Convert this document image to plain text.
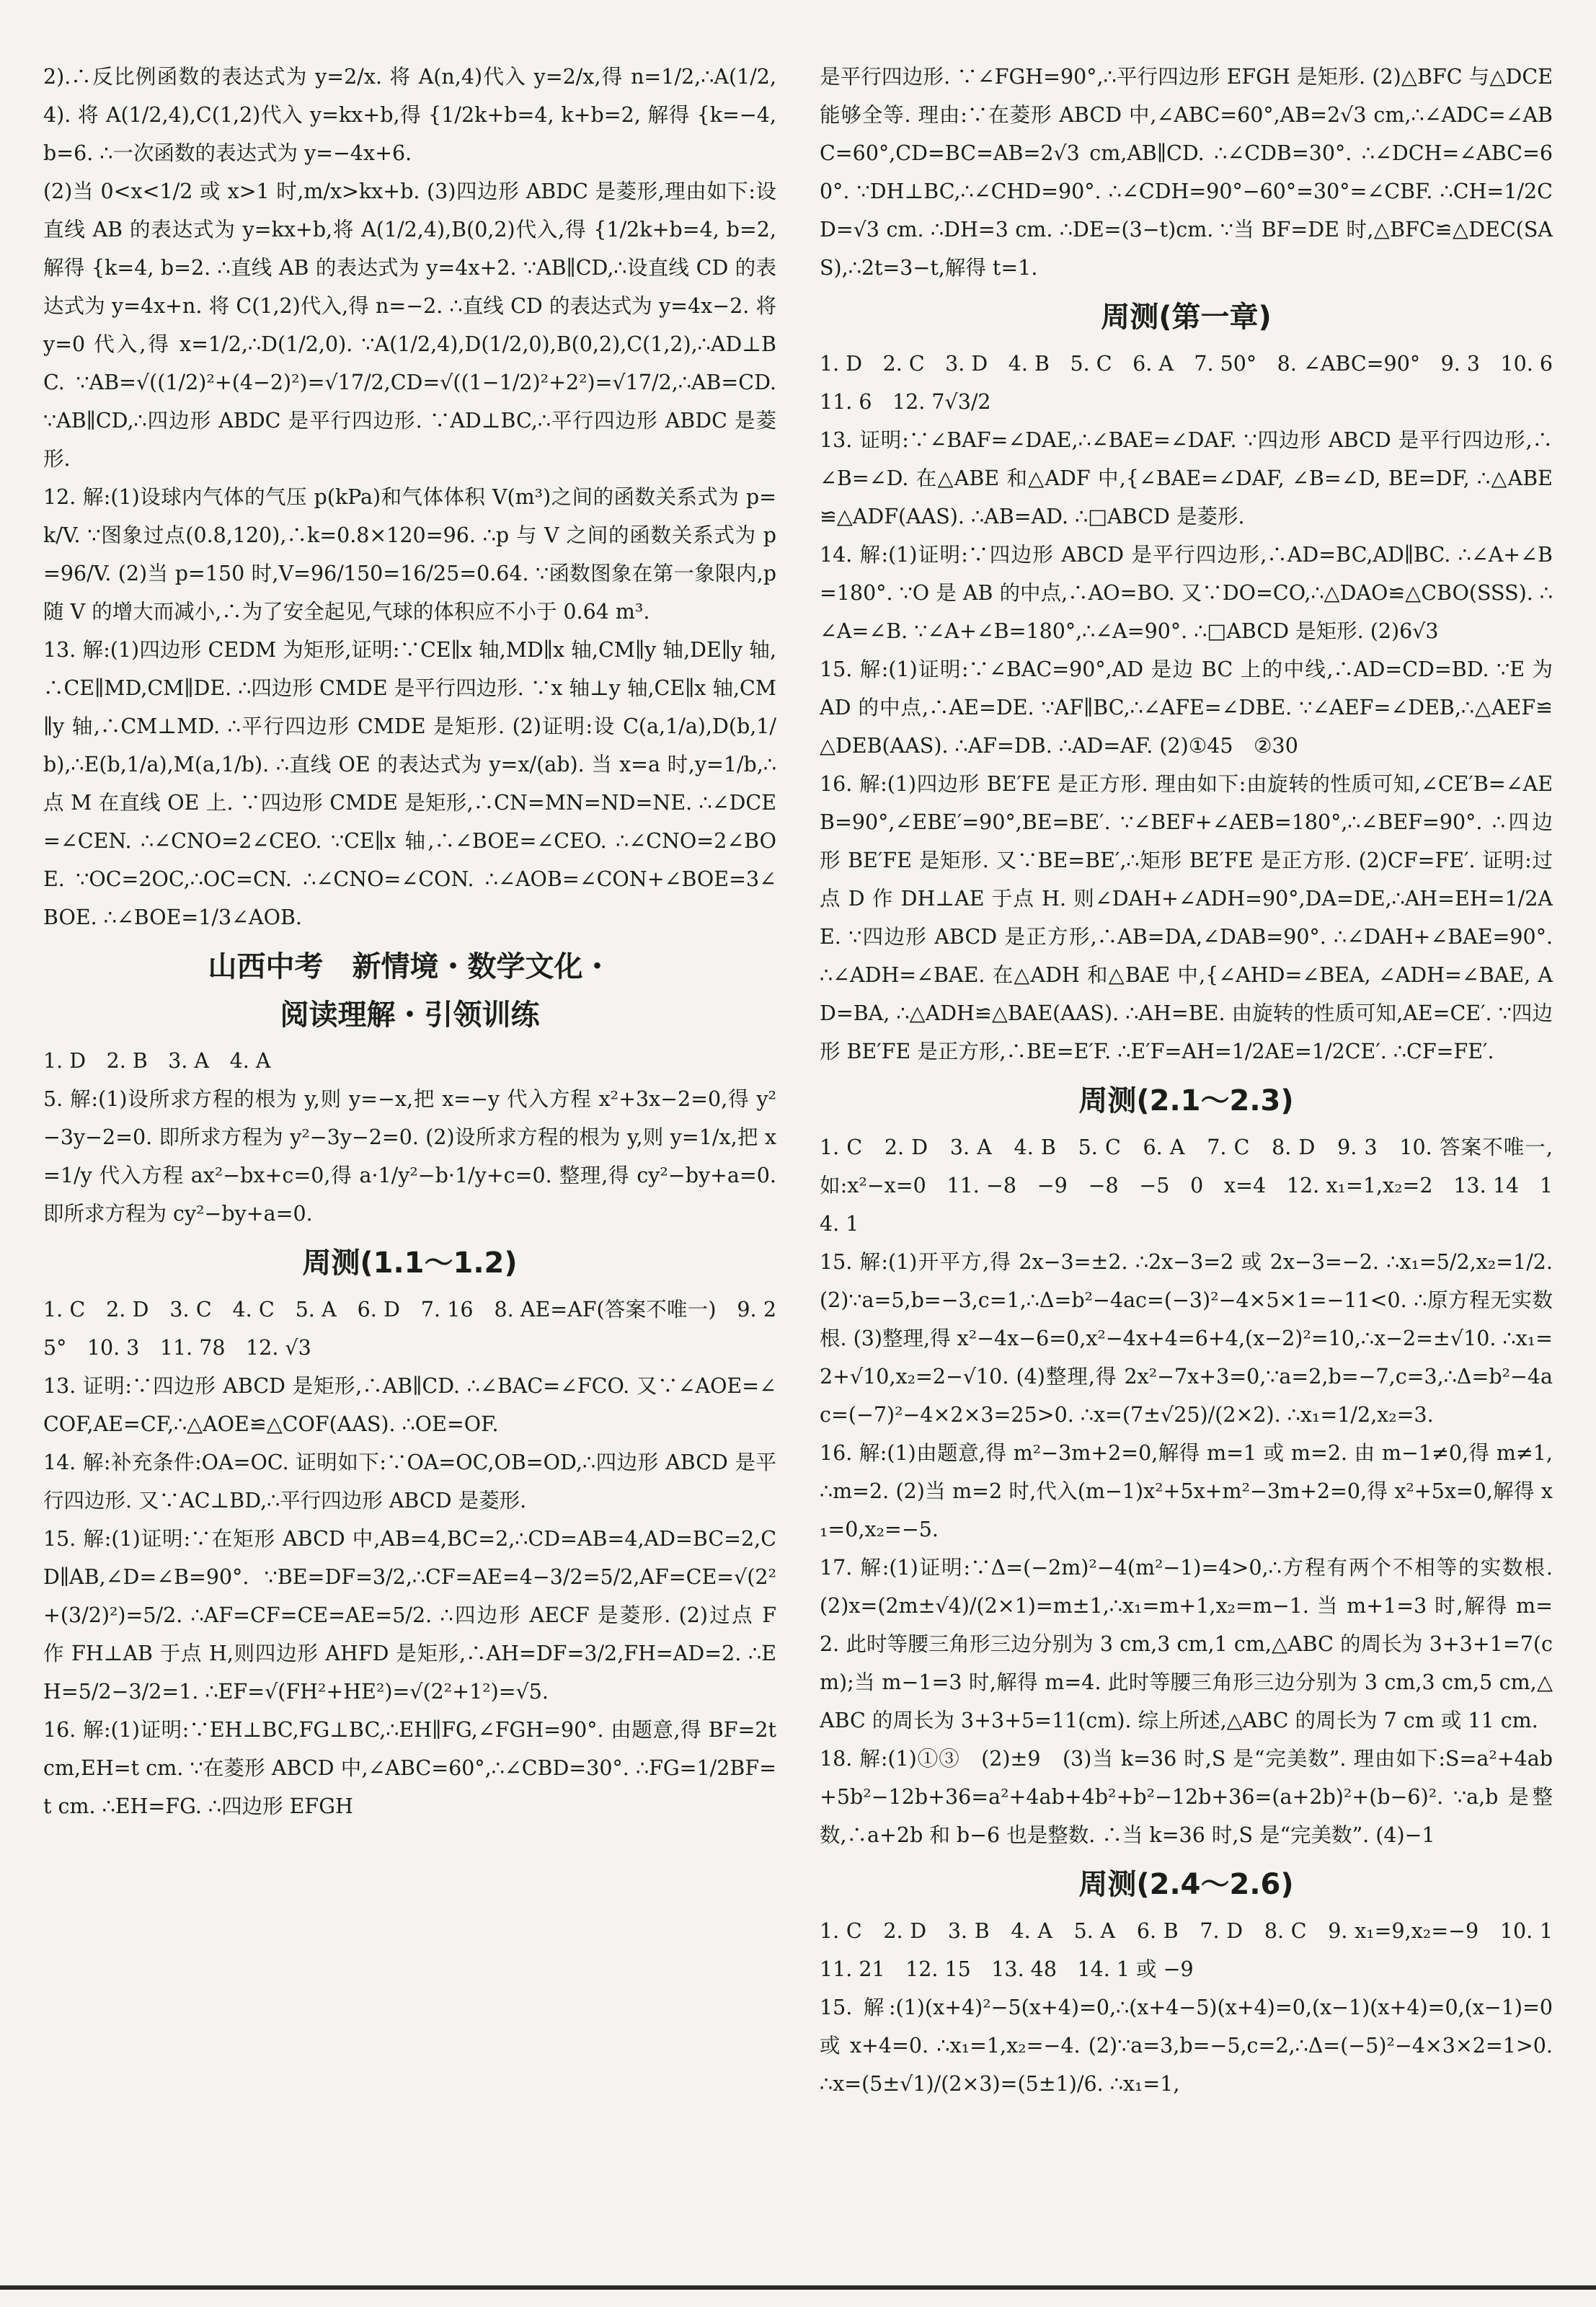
2).∴反比例函数的表达式为 y=2/x. 将 A(n,4)代入 y=2/x,得 n=1/2,∴A(1/2,4). 将 A(1/2,4),C(1,2)代入 y=kx+b,得 {1/2k+b=4, k+b=2, 解得 {k=−4, b=6. ∴一次函数的表达式为 y=−4x+6.

(2)当 0<x<1/2 或 x>1 时,m/x>kx+b. (3)四边形 ABDC 是菱形,理由如下:设直线 AB 的表达式为 y=kx+b,将 A(1/2,4),B(0,2)代入,得 {1/2k+b=4, b=2, 解得 {k=4, b=2. ∴直线 AB 的表达式为 y=4x+2. ∵AB∥CD,∴设直线 CD 的表达式为 y=4x+n. 将 C(1,2)代入,得 n=−2. ∴直线 CD 的表达式为 y=4x−2. 将 y=0 代入,得 x=1/2,∴D(1/2,0). ∵A(1/2,4),D(1/2,0),B(0,2),C(1,2),∴AD⊥BC. ∵AB=√((1/2)²+(4−2)²)=√17/2,CD=√((1−1/2)²+2²)=√17/2,∴AB=CD. ∵AB∥CD,∴四边形 ABDC 是平行四边形. ∵AD⊥BC,∴平行四边形 ABDC 是菱形.

12. 解:(1)设球内气体的气压 p(kPa)和气体体积 V(m³)之间的函数关系式为 p=k/V. ∵图象过点(0.8,120),∴k=0.8×120=96. ∴p 与 V 之间的函数关系式为 p=96/V. (2)当 p=150 时,V=96/150=16/25=0.64. ∵函数图象在第一象限内,p 随 V 的增大而减小,∴为了安全起见,气球的体积应不小于 0.64 m³.

13. 解:(1)四边形 CEDM 为矩形,证明:∵CE∥x 轴,MD∥x 轴,CM∥y 轴,DE∥y 轴,∴CE∥MD,CM∥DE. ∴四边形 CMDE 是平行四边形. ∵x 轴⊥y 轴,CE∥x 轴,CM∥y 轴,∴CM⊥MD. ∴平行四边形 CMDE 是矩形. (2)证明:设 C(a,1/a),D(b,1/b),∴E(b,1/a),M(a,1/b). ∴直线 OE 的表达式为 y=x/(ab). 当 x=a 时,y=1/b,∴点 M 在直线 OE 上. ∵四边形 CMDE 是矩形,∴CN=MN=ND=NE. ∴∠DCE=∠CEN. ∴∠CNO=2∠CEO. ∵CE∥x 轴,∴∠BOE=∠CEO. ∴∠CNO=2∠BOE. ∵OC=2OC,∴OC=CN. ∴∠CNO=∠CON. ∴∠AOB=∠CON+∠BOE=3∠BOE. ∴∠BOE=1/3∠AOB.

山西中考　新情境・数学文化・
阅读理解・引领训练

1. D　2. B　3. A　4. A

5. 解:(1)设所求方程的根为 y,则 y=−x,把 x=−y 代入方程 x²+3x−2=0,得 y²−3y−2=0. 即所求方程为 y²−3y−2=0. (2)设所求方程的根为 y,则 y=1/x,把 x=1/y 代入方程 ax²−bx+c=0,得 a·1/y²−b·1/y+c=0. 整理,得 cy²−by+a=0. 即所求方程为 cy²−by+a=0.

周测(1.1～1.2)

1. C　2. D　3. C　4. C　5. A　6. D　7. 16　8. AE=AF(答案不唯一)　9. 25°　10. 3　11. 78　12. √3

13. 证明:∵四边形 ABCD 是矩形,∴AB∥CD. ∴∠BAC=∠FCO. 又∵∠AOE=∠COF,AE=CF,∴△AOE≌△COF(AAS). ∴OE=OF.

14. 解:补充条件:OA=OC. 证明如下:∵OA=OC,OB=OD,∴四边形 ABCD 是平行四边形. 又∵AC⊥BD,∴平行四边形 ABCD 是菱形.

15. 解:(1)证明:∵在矩形 ABCD 中,AB=4,BC=2,∴CD=AB=4,AD=BC=2,CD∥AB,∠D=∠B=90°. ∵BE=DF=3/2,∴CF=AE=4−3/2=5/2,AF=CE=√(2²+(3/2)²)=5/2. ∴AF=CF=CE=AE=5/2. ∴四边形 AECF 是菱形. (2)过点 F 作 FH⊥AB 于点 H,则四边形 AHFD 是矩形,∴AH=DF=3/2,FH=AD=2. ∴EH=5/2−3/2=1. ∴EF=√(FH²+HE²)=√(2²+1²)=√5.

16. 解:(1)证明:∵EH⊥BC,FG⊥BC,∴EH∥FG,∠FGH=90°. 由题意,得 BF=2t cm,EH=t cm. ∵在菱形 ABCD 中,∠ABC=60°,∴∠CBD=30°. ∴FG=1/2BF=t cm. ∴EH=FG. ∴四边形 EFGH

是平行四边形. ∵∠FGH=90°,∴平行四边形 EFGH 是矩形. (2)△BFC 与△DCE 能够全等. 理由:∵在菱形 ABCD 中,∠ABC=60°,AB=2√3 cm,∴∠ADC=∠ABC=60°,CD=BC=AB=2√3 cm,AB∥CD. ∴∠CDB=30°. ∴∠DCH=∠ABC=60°. ∵DH⊥BC,∴∠CHD=90°. ∴∠CDH=90°−60°=30°=∠CBF. ∴CH=1/2CD=√3 cm. ∴DH=3 cm. ∴DE=(3−t)cm. ∵当 BF=DE 时,△BFC≌△DEC(SAS),∴2t=3−t,解得 t=1.

周测(第一章)

1. D　2. C　3. D　4. B　5. C　6. A　7. 50°　8. ∠ABC=90°　9. 3　10. 6　11. 6　12. 7√3/2

13. 证明:∵∠BAF=∠DAE,∴∠BAE=∠DAF. ∵四边形 ABCD 是平行四边形,∴∠B=∠D. 在△ABE 和△ADF 中,{∠BAE=∠DAF, ∠B=∠D, BE=DF, ∴△ABE≌△ADF(AAS). ∴AB=AD. ∴□ABCD 是菱形.

14. 解:(1)证明:∵四边形 ABCD 是平行四边形,∴AD=BC,AD∥BC. ∴∠A+∠B=180°. ∵O 是 AB 的中点,∴AO=BO. 又∵DO=CO,∴△DAO≌△CBO(SSS). ∴∠A=∠B. ∵∠A+∠B=180°,∴∠A=90°. ∴□ABCD 是矩形. (2)6√3

15. 解:(1)证明:∵∠BAC=90°,AD 是边 BC 上的中线,∴AD=CD=BD. ∵E 为 AD 的中点,∴AE=DE. ∵AF∥BC,∴∠AFE=∠DBE. ∵∠AEF=∠DEB,∴△AEF≌△DEB(AAS). ∴AF=DB. ∴AD=AF. (2)①45　②30

16. 解:(1)四边形 BE′FE 是正方形. 理由如下:由旋转的性质可知,∠CE′B=∠AEB=90°,∠EBE′=90°,BE=BE′. ∵∠BEF+∠AEB=180°,∴∠BEF=90°. ∴四边形 BE′FE 是矩形. 又∵BE=BE′,∴矩形 BE′FE 是正方形. (2)CF=FE′. 证明:过点 D 作 DH⊥AE 于点 H. 则∠DAH+∠ADH=90°,DA=DE,∴AH=EH=1/2AE. ∵四边形 ABCD 是正方形,∴AB=DA,∠DAB=90°. ∴∠DAH+∠BAE=90°. ∴∠ADH=∠BAE. 在△ADH 和△BAE 中,{∠AHD=∠BEA, ∠ADH=∠BAE, AD=BA, ∴△ADH≌△BAE(AAS). ∴AH=BE. 由旋转的性质可知,AE=CE′. ∵四边形 BE′FE 是正方形,∴BE=E′F. ∴E′F=AH=1/2AE=1/2CE′. ∴CF=FE′.

周测(2.1～2.3)

1. C　2. D　3. A　4. B　5. C　6. A　7. C　8. D　9. 3　10. 答案不唯一,如:x²−x=0　11. −8　−9　−8　−5　0　x=4　12. x₁=1,x₂=2　13. 14　14. 1

15. 解:(1)开平方,得 2x−3=±2. ∴2x−3=2 或 2x−3=−2. ∴x₁=5/2,x₂=1/2. (2)∵a=5,b=−3,c=1,∴Δ=b²−4ac=(−3)²−4×5×1=−11<0. ∴原方程无实数根. (3)整理,得 x²−4x−6=0,x²−4x+4=6+4,(x−2)²=10,∴x−2=±√10. ∴x₁=2+√10,x₂=2−√10. (4)整理,得 2x²−7x+3=0,∵a=2,b=−7,c=3,∴Δ=b²−4ac=(−7)²−4×2×3=25>0. ∴x=(7±√25)/(2×2). ∴x₁=1/2,x₂=3.

16. 解:(1)由题意,得 m²−3m+2=0,解得 m=1 或 m=2. 由 m−1≠0,得 m≠1,∴m=2. (2)当 m=2 时,代入(m−1)x²+5x+m²−3m+2=0,得 x²+5x=0,解得 x₁=0,x₂=−5.

17. 解:(1)证明:∵Δ=(−2m)²−4(m²−1)=4>0,∴方程有两个不相等的实数根. (2)x=(2m±√4)/(2×1)=m±1,∴x₁=m+1,x₂=m−1. 当 m+1=3 时,解得 m=2. 此时等腰三角形三边分别为 3 cm,3 cm,1 cm,△ABC 的周长为 3+3+1=7(cm);当 m−1=3 时,解得 m=4. 此时等腰三角形三边分别为 3 cm,3 cm,5 cm,△ABC 的周长为 3+3+5=11(cm). 综上所述,△ABC 的周长为 7 cm 或 11 cm.

18. 解:(1)①③　(2)±9　(3)当 k=36 时,S 是“完美数”. 理由如下:S=a²+4ab+5b²−12b+36=a²+4ab+4b²+b²−12b+36=(a+2b)²+(b−6)². ∵a,b 是整数,∴a+2b 和 b−6 也是整数. ∴当 k=36 时,S 是“完美数”. (4)−1

周测(2.4～2.6)

1. C　2. D　3. B　4. A　5. A　6. B　7. D　8. C　9. x₁=9,x₂=−9　10. 1　11. 21　12. 15　13. 48　14. 1 或 −9

15. 解:(1)(x+4)²−5(x+4)=0,∴(x+4−5)(x+4)=0,(x−1)(x+4)=0,(x−1)=0 或 x+4=0. ∴x₁=1,x₂=−4. (2)∵a=3,b=−5,c=2,∴Δ=(−5)²−4×3×2=1>0. ∴x=(5±√1)/(2×3)=(5±1)/6. ∴x₁=1,
